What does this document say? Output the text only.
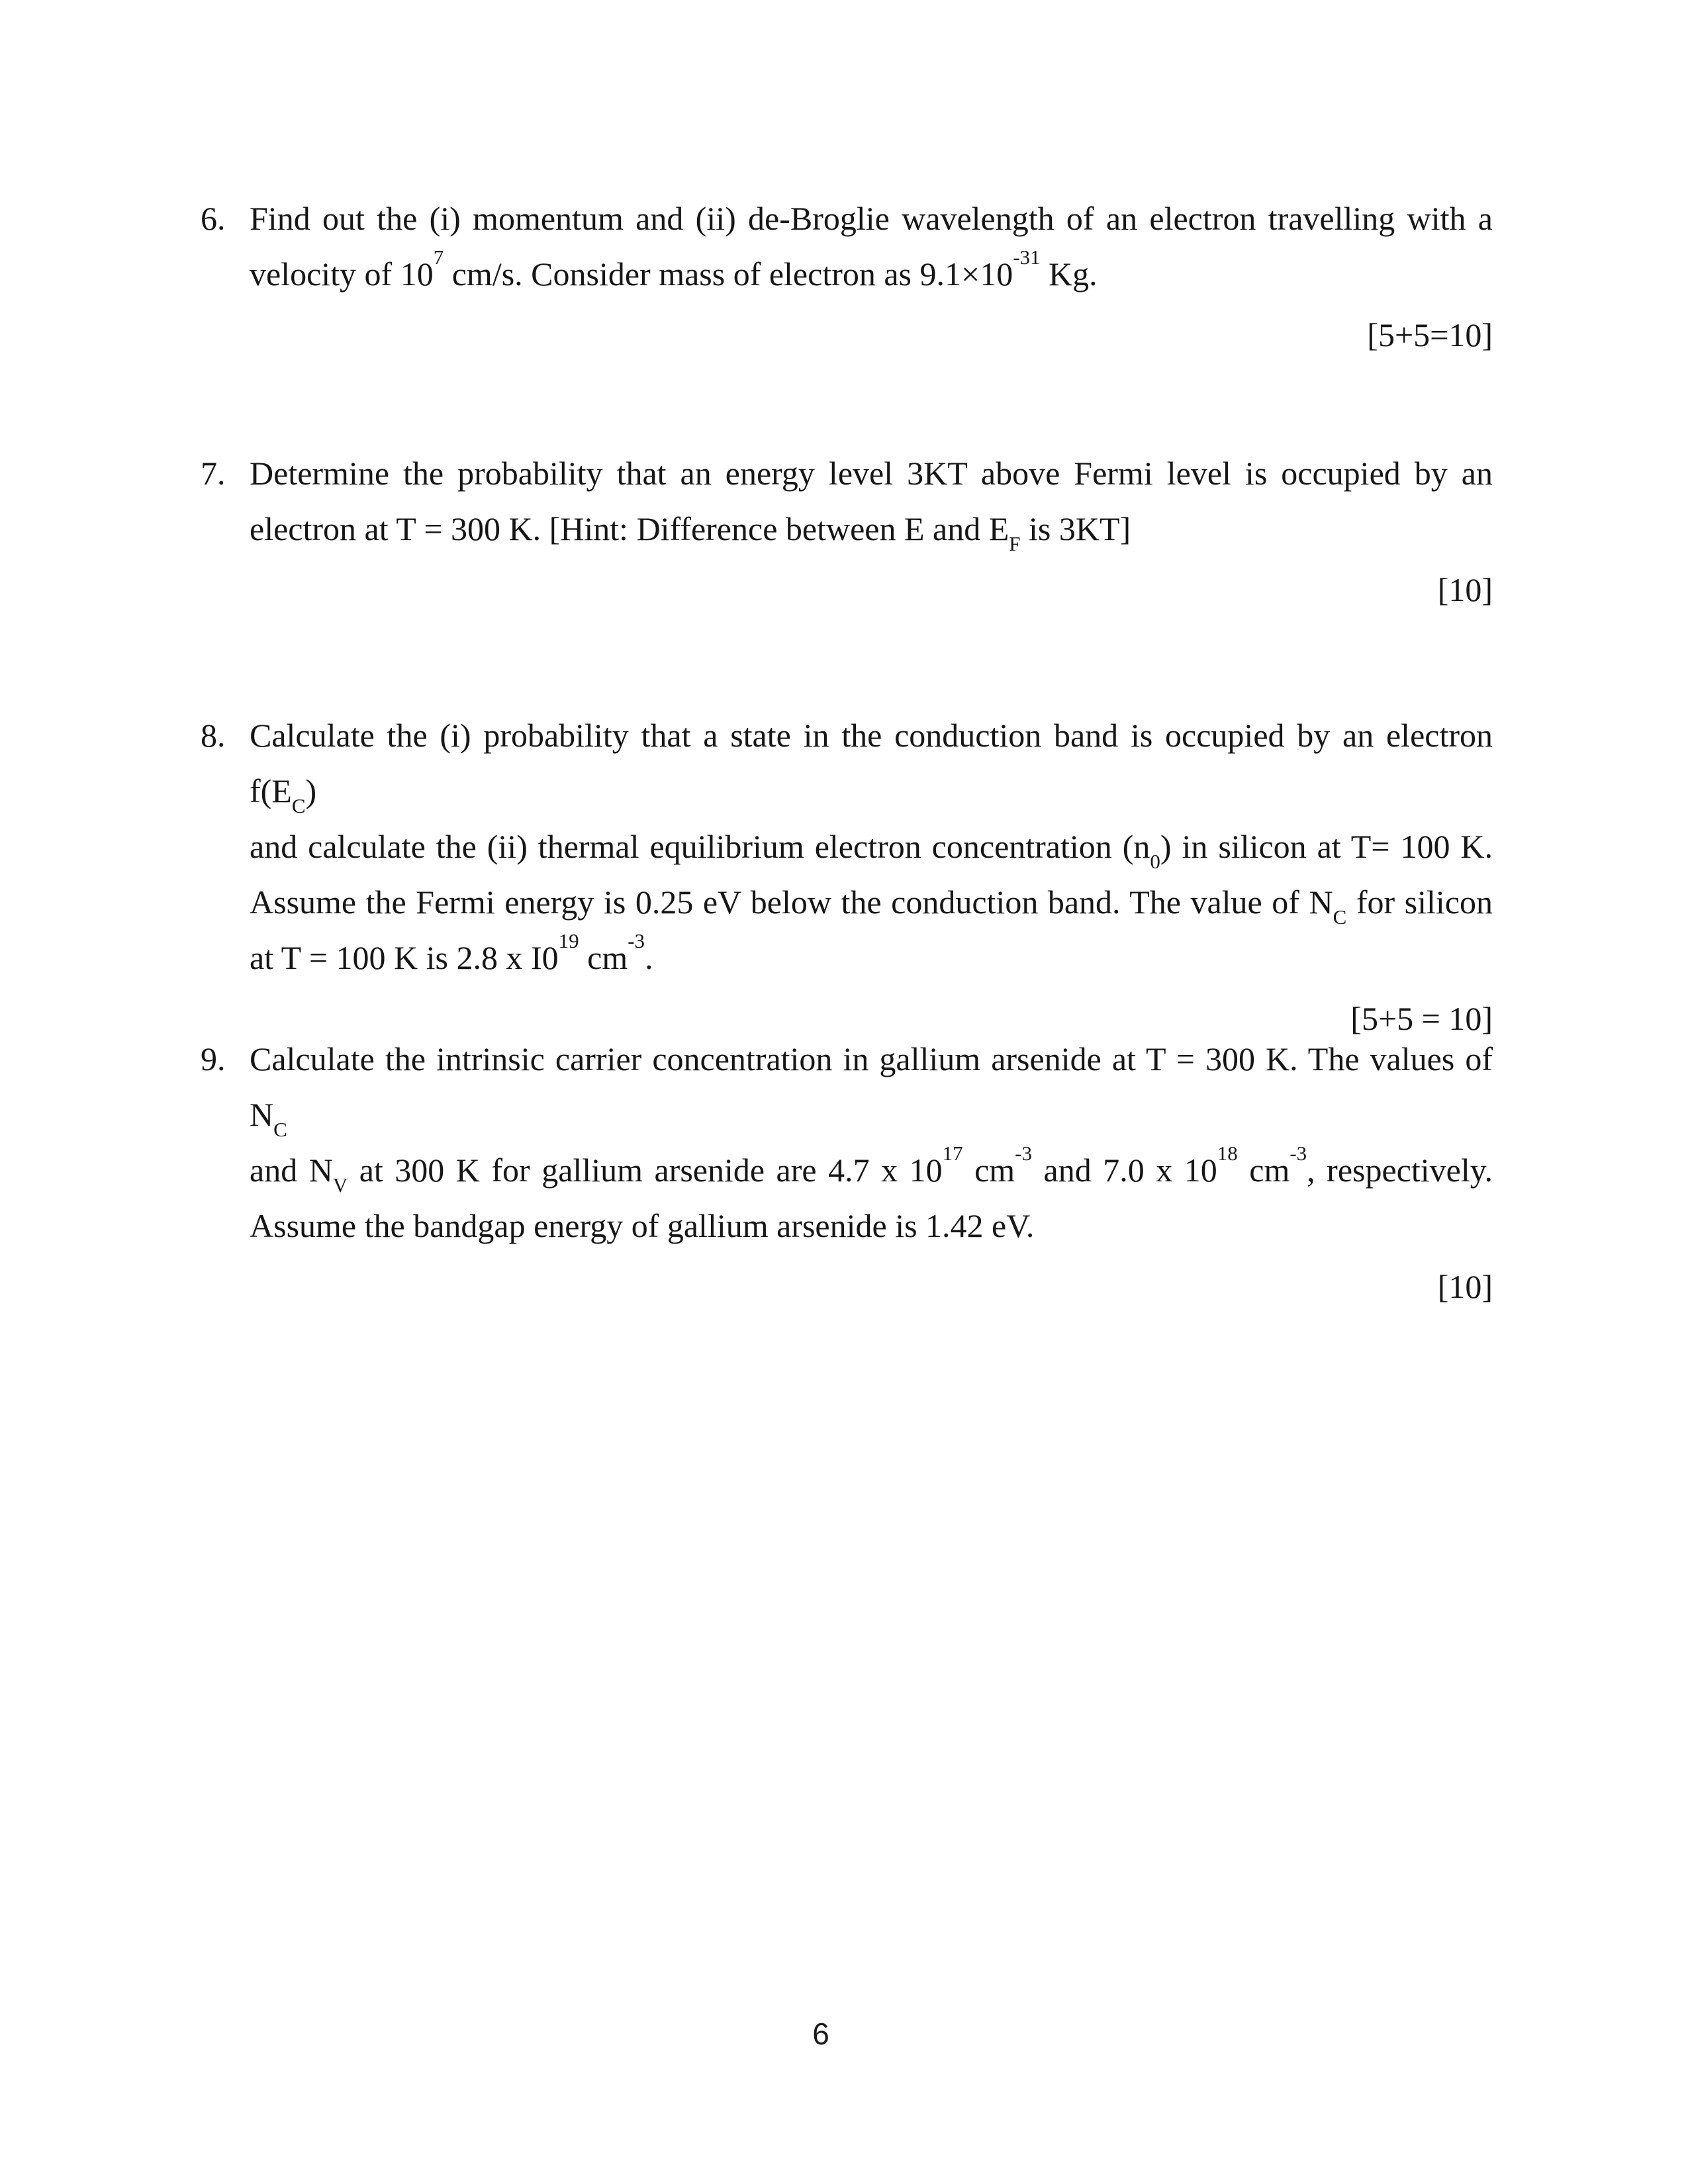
6. Find out the (i) momentum and (ii) de-Broglie wavelength of an electron travelling with a
velocity of $10^7$ cm/s. Consider mass of electron as $9.1\times 10^{-31}$ Kg.
[5+5=10]
7. Determine the probability that an energy level 3KT above Fermi level is occupied by an
electron at T = 300 K. [Hint: Difference between E and $E_F$ is 3KT]
[10]
8. Calculate the (i) probability that a state in the conduction band is occupied by an electron $f(E_C)$
and calculate the (ii) thermal equilibrium electron concentration $(n_0)$ in silicon at T= 100 K.
Assume the Fermi energy is 0.25 eV below the conduction band. The value of $N_C$ for silicon
at T = 100 K is 2.8 x $I0^{19}$ $cm^{-3}$.
[5+5 = 10]
9. Calculate the intrinsic carrier concentration in gallium arsenide at T = 300 K. The values of $N_C$
and $N_V$ at 300 K for gallium arsenide are 4.7 x $10^{17}$ $cm^{-3}$ and 7.0 x $10^{18}$ $cm^{-3}$, respectively.
Assume the bandgap energy of gallium arsenide is 1.42 eV.
[10]
6
